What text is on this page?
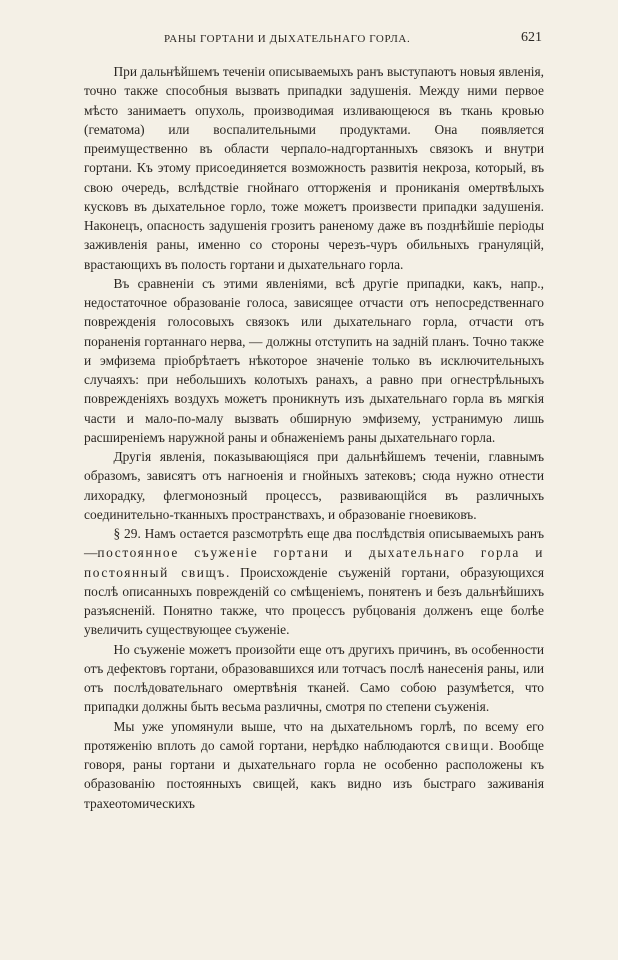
РАНЫ ГОРТАНИ И ДЫХАТЕЛЬНАГО ГОРЛА.	621

При дальнѣйшемъ теченіи описываемыхъ ранъ выступаютъ новыя явленія, точно также способныя вызвать припадки задушенія. Между ними первое мѣсто занимаетъ опухоль, производимая изливающеюся въ ткань кровью (гематома) или воспалительными продуктами. Она появляется преимущественно въ области черпало-надгортанныхъ связокъ и внутри гортани. Къ этому присоединяется возможность развитія некроза, который, въ свою очередь, вслѣдствіе гнойнаго отторженія и прониканія омертвѣлыхъ кусковъ въ дыхательное горло, тоже можетъ произвести припадки задушенія. Наконецъ, опасность задушенія грозитъ раненому даже въ позднѣйшіе періоды заживленія раны, именно со стороны черезъ-чуръ обильныхъ грануляцій, врастающихъ въ полость гортани и дыхательнаго горла.

Въ сравненіи съ этими явленіями, всѣ другіе припадки, какъ, напр., недостаточное образованіе голоса, зависящее отчасти отъ непосредственнаго поврежденія голосовыхъ связокъ или дыхательнаго горла, отчасти отъ пораненія гортаннаго нерва, — должны отступить на задній планъ. Точно также и эмфизема пріобрѣтаетъ нѣкоторое значеніе только въ исключительныхъ случаяхъ: при небольшихъ колотыхъ ранахъ, а равно при огнестрѣльныхъ поврежденіяхъ воздухъ можетъ проникнуть изъ дыхательнаго горла въ мягкія части и мало-по-малу вызвать обширную эмфизему, устранимую лишь расширеніемъ наружной раны и обнаженіемъ раны дыхательнаго горла.

Другія явленія, показывающіяся при дальнѣйшемъ теченіи, главнымъ образомъ, зависятъ отъ нагноенія и гнойныхъ затековъ; сюда нужно отнести лихорадку, флегмонозный процессъ, развивающійся въ различныхъ соединительно-тканныхъ пространствахъ, и образованіе гноевиковъ.

§ 29. Намъ остается разсмотрѣть еще два послѣдствія описываемыхъ ранъ—постоянное съуженіе гортани и дыхательнаго горла и постоянный свищъ. Происхожденіе съуженій гортани, образующихся послѣ описанныхъ поврежденій со смѣщеніемъ, понятенъ и безъ дальнѣйшихъ разъясненій. Понятно также, что процессъ рубцованія долженъ еще болѣе увеличить существующее съуженіе.

Но съуженіе можетъ произойти еще отъ другихъ причинъ, въ особенности отъ дефектовъ гортани, образовавшихся или тотчасъ послѣ нанесенія раны, или отъ послѣдовательнаго омертвѣнія тканей. Само собою разумѣется, что припадки должны быть весьма различны, смотря по степени съуженія.

Мы уже упомянули выше, что на дыхательномъ горлѣ, по всему его протяженію вплоть до самой гортани, нерѣдко наблюдаются свищи. Вообще говоря, раны гортани и дыхательнаго горла не особенно расположены къ образованію постоянныхъ свищей, какъ видно изъ быстраго заживанія трахеотомическихъ
